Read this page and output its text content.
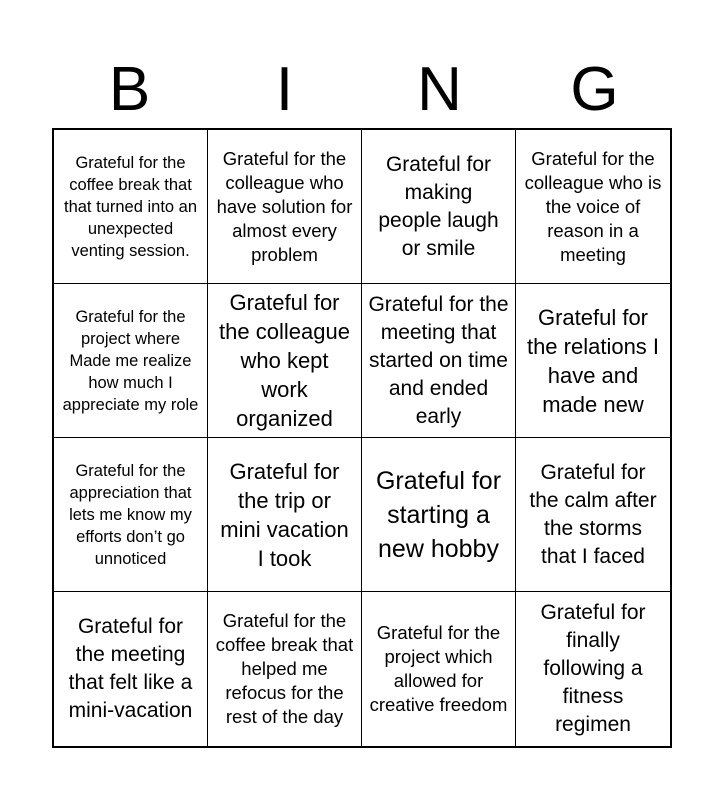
B	I	N	G
Grateful for the coffee break that that turned into an unexpected venting session.
Grateful for the colleague who have solution for almost every problem
Grateful for making people laugh or smile
Grateful for the colleague who is the voice of reason in a meeting
Grateful for the project where Made me realize how much I appreciate my role
Grateful for the colleague who kept work organized
Grateful for the meeting that started on time and ended early
Grateful for the relations I have and made new
Grateful for the appreciation that lets me know my efforts don’t go unnoticed
Grateful for the trip or mini vacation I took
Grateful for starting a new hobby
Grateful for the calm after the storms that I faced
Grateful for the meeting that felt like a mini-vacation
Grateful for the coffee break that helped me refocus for the rest of the day
Grateful for the project which allowed for creative freedom
Grateful for finally following a fitness regimen
